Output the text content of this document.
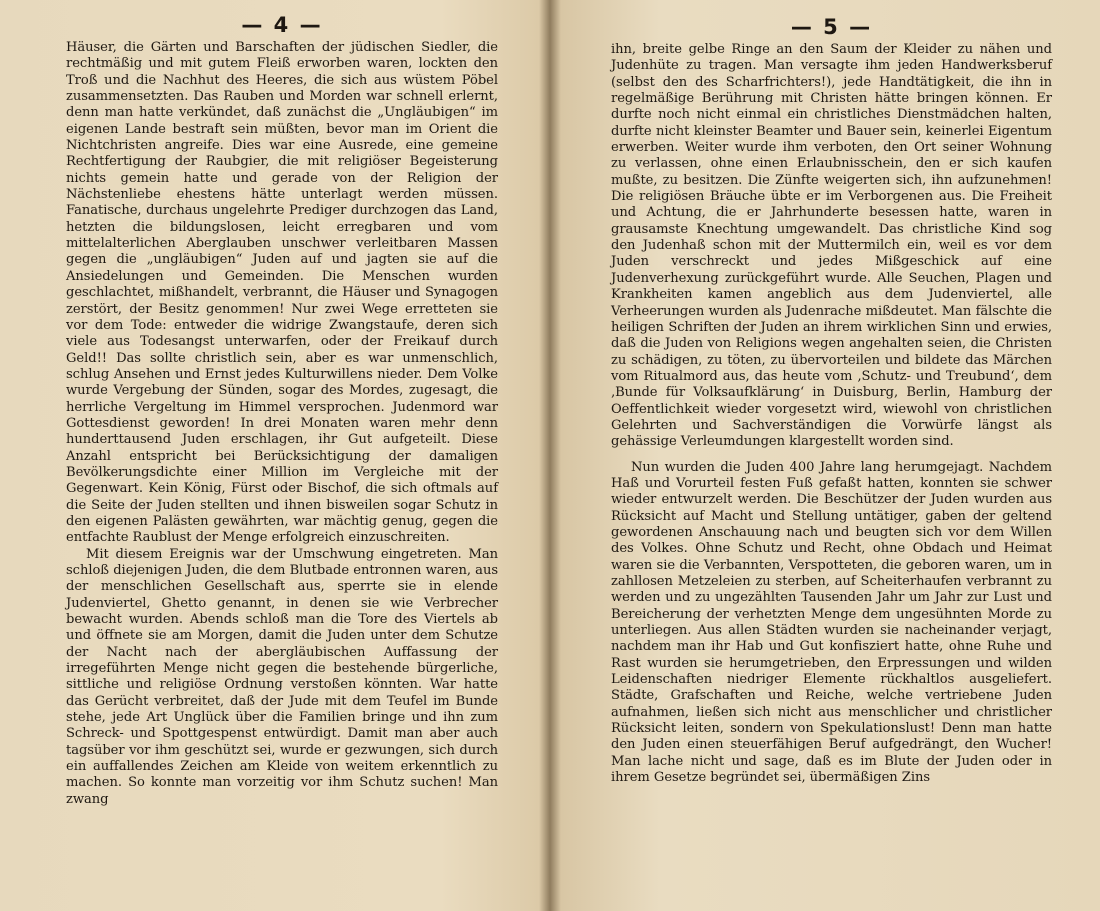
— 4 —

Häuser, die Gärten und Barschaften der jüdischen Siedler, die rechtmäßig und mit gutem Fleiß erworben waren, lockten den Troß und die Nachhut des Heeres, die sich aus wüstem Pöbel zusammensetzten. Das Rauben und Morden war schnell erlernt, denn man hatte verkündet, daß zunächst die „Ungläubigen“ im eigenen Lande bestraft sein müßten, bevor man im Orient die Nichtchristen angreife. Dies war eine Ausrede, eine gemeine Rechtfertigung der Raubgier, die mit religiöser Begeisterung nichts gemein hatte und gerade von der Religion der Nächstenliebe ehestens hätte unterlagt werden müssen. Fanatische, durchaus ungelehrte Prediger durchzogen das Land, hetzten die bildungslosen, leicht erregbaren und vom mittelalterlichen Aberglauben unschwer verleitbaren Massen gegen die „ungläubigen“ Juden auf und jagten sie auf die Ansiedelungen und Gemeinden. Die Menschen wurden geschlachtet, mißhandelt, verbrannt, die Häuser und Synagogen zerstört, der Besitz genommen! Nur zwei Wege erretteten sie vor dem Tode: entweder die widrige Zwangstaufe, deren sich viele aus Todesangst unterwarfen, oder der Freikauf durch Geld!! Das sollte christlich sein, aber es war unmenschlich, schlug Ansehen und Ernst jedes Kulturwillens nieder. Dem Volke wurde Vergebung der Sünden, sogar des Mordes, zugesagt, die herrliche Vergeltung im Himmel versprochen. Judenmord war Gottesdienst geworden! In drei Monaten waren mehr denn hunderttausend Juden erschlagen, ihr Gut aufgeteilt. Diese Anzahl entspricht bei Berücksichtigung der damaligen Bevölkerungsdichte einer Million im Vergleiche mit der Gegenwart. Kein König, Fürst oder Bischof, die sich oftmals auf die Seite der Juden stellten und ihnen bisweilen sogar Schutz in den eigenen Palästen gewährten, war mächtig genug, gegen die entfachte Raublust der Menge erfolgreich einzuschreiten.

Mit diesem Ereignis war der Umschwung eingetreten. Man schloß diejenigen Juden, die dem Blutbade entronnen waren, aus der menschlichen Gesellschaft aus, sperrte sie in elende Judenviertel, Ghetto genannt, in denen sie wie Verbrecher bewacht wurden. Abends schloß man die Tore des Viertels ab und öffnete sie am Morgen, damit die Juden unter dem Schutze der Nacht nach der abergläubischen Auffassung der irregeführten Menge nicht gegen die bestehende bürgerliche, sittliche und religiöse Ordnung verstoßen könnten. War hatte das Gerücht verbreitet, daß der Jude mit dem Teufel im Bunde stehe, jede Art Unglück über die Familien bringe und ihn zum Schreck- und Spottgespenst entwürdigt. Damit man aber auch tagsüber vor ihm geschützt sei, wurde er gezwungen, sich durch ein auffallendes Zeichen am Kleide von weitem erkenntlich zu machen. So konnte man vorzeitig vor ihm Schutz suchen! Man zwang

— 5 —

ihn, breite gelbe Ringe an den Saum der Kleider zu nähen und Judenhüte zu tragen. Man versagte ihm jeden Handwerksberuf (selbst den des Scharfrichters!), jede Handtätigkeit, die ihn in regelmäßige Berührung mit Christen hätte bringen können. Er durfte noch nicht einmal ein christliches Dienstmädchen halten, durfte nicht kleinster Beamter und Bauer sein, keinerlei Eigentum erwerben. Weiter wurde ihm verboten, den Ort seiner Wohnung zu verlassen, ohne einen Erlaubnisschein, den er sich kaufen mußte, zu besitzen. Die Zünfte weigerten sich, ihn aufzunehmen! Die religiösen Bräuche übte er im Verborgenen aus. Die Freiheit und Achtung, die er Jahrhunderte besessen hatte, waren in grausamste Knechtung umgewandelt. Das christliche Kind sog den Judenhaß schon mit der Muttermilch ein, weil es vor dem Juden verschreckt und jedes Mißgeschick auf eine Judenverhexung zurückgeführt wurde. Alle Seuchen, Plagen und Krankheiten kamen angeblich aus dem Judenviertel, alle Verheerungen wurden als Judenrache mißdeutet. Man fälschte die heiligen Schriften der Juden an ihrem wirklichen Sinn und erwies, daß die Juden von Religions wegen angehalten seien, die Christen zu schädigen, zu töten, zu übervorteilen und bildete das Märchen vom Ritualmord aus, das heute vom ‚Schutz- und Treubund‘, dem ‚Bunde für Volksaufklärung‘ in Duisburg, Berlin, Hamburg der Oeffentlichkeit wieder vorgesetzt wird, wiewohl von christlichen Gelehrten und Sachverständigen die Vorwürfe längst als gehässige Verleumdungen klargestellt worden sind.

Nun wurden die Juden 400 Jahre lang herumgejagt. Nachdem Haß und Vorurteil festen Fuß gefaßt hatten, konnten sie schwer wieder entwurzelt werden. Die Beschützer der Juden wurden aus Rücksicht auf Macht und Stellung untätiger, gaben der geltend gewordenen Anschauung nach und beugten sich vor dem Willen des Volkes. Ohne Schutz und Recht, ohne Obdach und Heimat waren sie die Verbannten, Verspotteten, die geboren waren, um in zahllosen Metzeleien zu sterben, auf Scheiterhaufen verbrannt zu werden und zu ungezählten Tausenden Jahr um Jahr zur Lust und Bereicherung der verhetzten Menge dem ungesühnten Morde zu unterliegen. Aus allen Städten wurden sie nacheinander verjagt, nachdem man ihr Hab und Gut konfisziert hatte, ohne Ruhe und Rast wurden sie herumgetrieben, den Erpressungen und wilden Leidenschaften niedriger Elemente rückhaltlos ausgeliefert. Städte, Grafschaften und Reiche, welche vertriebene Juden aufnahmen, ließen sich nicht aus menschlicher und christlicher Rücksicht leiten, sondern von Spekulationslust! Denn man hatte den Juden einen steuerfähigen Beruf aufgedrängt, den Wucher! Man lache nicht und sage, daß es im Blute der Juden oder in ihrem Gesetze begründet sei, übermäßigen Zins
